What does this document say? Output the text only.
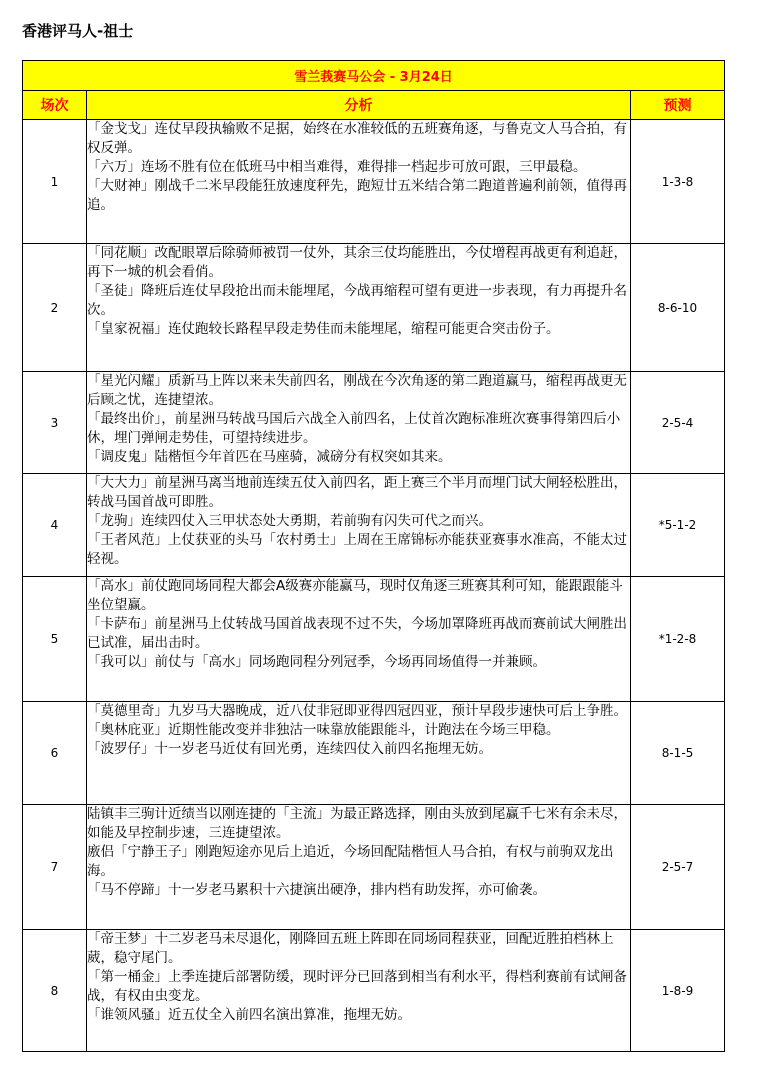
香港评马人-祖士
雪兰莪赛马公会 - 3月24日		
场次	分析	预测
1	「金戈戈」连仗早段执输败不足据，始终在水准较低的五班赛角逐，与鲁克文人马合拍，有权反弹。

「六万」连场不胜有位在低班马中相当难得，难得排一档起步可放可跟，三甲最稳。

「大财神」刚战千二米早段能狂放速度秤先，跑短廿五米结合第二跑道普遍利前领，值得再追。	1-3-8
2	「同花顺」改配眼罩后除骑师被罚一仗外，其余三仗均能胜出，今仗增程再战更有利追赶，再下一城的机会看俏。

「圣徒」降班后连仗早段抢出而未能埋尾，今战再缩程可望有更进一步表现，有力再提升名次。

「皇家祝福」连仗跑较长路程早段走势佳而未能埋尾，缩程可能更合突击份子。	8-6-10
3	「星光闪耀」质新马上阵以来未失前四名，刚战在今次角逐的第二跑道赢马，缩程再战更无后顾之忧，连捷望浓。

「最终出价」，前星洲马转战马国后六战全入前四名，上仗首次跑标准班次赛事得第四后小休，埋门弹闸走势佳，可望持续进步。

「调皮鬼」陆楷恒今年首匹在马座骑，减磅分有权突如其来。	2-5-4
4	「大大力」前星洲马离当地前连续五仗入前四名，距上赛三个半月而埋门试大闸轻松胜出，转战马国首战可即胜。

「龙驹」连续四仗入三甲状态处大勇期，若前驹有闪失可代之而兴。

「王者风范」上仗获亚的头马「农村勇士」上周在王席锦标亦能获亚赛事水准高，不能太过轻视。	*5-1-2
5	「高水」前仗跑同场同程大都会A级赛亦能赢马，现时仅角逐三班赛其利可知，能跟跟能斗坐位望赢。

「卡萨布」前星洲马上仗转战马国首战表现不过不失，今场加罩降班再战而赛前试大闸胜出已试准，届出击时。

「我可以」前仗与「高水」同场跑同程分列冠季，今场再同场值得一并兼顾。	*1-2-8
6	「莫德里奇」九岁马大器晚成，近八仗非冠即亚得四冠四亚，预计早段步速快可后上争胜。

「奥林庇亚」近期性能改变并非独沽一味靠放能跟能斗，计跑法在今场三甲稳。

「波罗仔」十一岁老马近仗有回光勇，连续四仗入前四名拖埋无妨。	8-1-5
7	陆镇丰三驹计近绩当以刚连捷的「主流」为最正路选择，刚由头放到尾赢千七米有余未尽，如能及早控制步速，三连捷望浓。

廒侣「宁静王子」刚跑短途亦见后上追近，今场回配陆楷恒人马合拍，有权与前驹双龙出海。

「马不停蹄」十一岁老马累积十六捷演出硬净，排内档有助发挥，亦可偷袭。	2-5-7
8	「帝王梦」十二岁老马未尽退化，刚降回五班上阵即在同场同程获亚，回配近胜拍档林上葳，稳守尾门。

「第一桶金」上季连捷后部署防缓，现时评分已回落到相当有利水平，得档利赛前有试闸备战，有权由虫变龙。

「谁领风骚」近五仗全入前四名演出算准，拖埋无妨。	1-8-9
